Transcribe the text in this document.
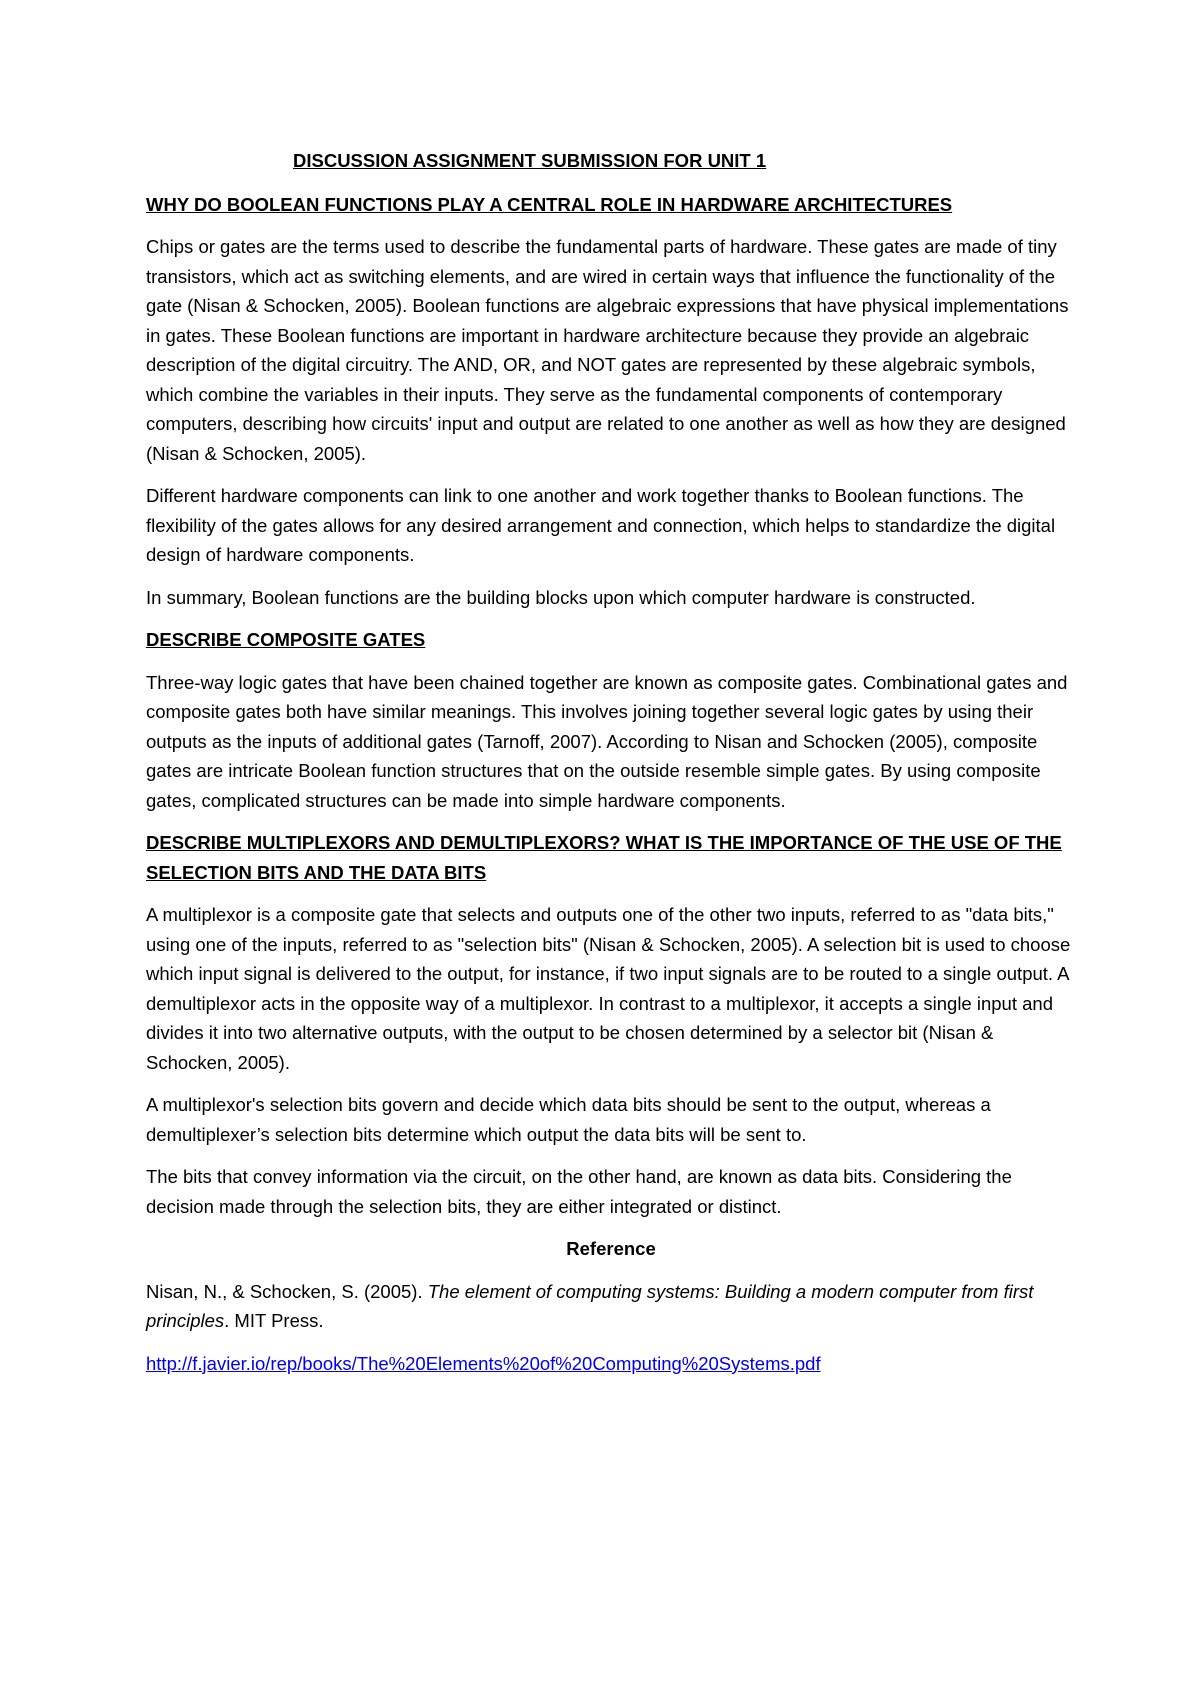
DISCUSSION ASSIGNMENT SUBMISSION FOR UNIT 1
WHY DO BOOLEAN FUNCTIONS PLAY A CENTRAL ROLE IN HARDWARE ARCHITECTURES

Chips or gates are the terms used to describe the fundamental parts of hardware. These gates are made of tiny transistors, which act as switching elements, and are wired in certain ways that influence the functionality of the gate (Nisan & Schocken, 2005). Boolean functions are algebraic expressions that have physical implementations in gates. These Boolean functions are important in hardware architecture because they provide an algebraic description of the digital circuitry. The AND, OR, and NOT gates are represented by these algebraic symbols, which combine the variables in their inputs. They serve as the fundamental components of contemporary computers, describing how circuits' input and output are related to one another as well as how they are designed (Nisan & Schocken, 2005).

Different hardware components can link to one another and work together thanks to Boolean functions. The flexibility of the gates allows for any desired arrangement and connection, which helps to standardize the digital design of hardware components.

In summary, Boolean functions are the building blocks upon which computer hardware is constructed.

DESCRIBE COMPOSITE GATES

Three-way logic gates that have been chained together are known as composite gates. Combinational gates and composite gates both have similar meanings. This involves joining together several logic gates by using their outputs as the inputs of additional gates (Tarnoff, 2007). According to Nisan and Schocken (2005), composite gates are intricate Boolean function structures that on the outside resemble simple gates. By using composite gates, complicated structures can be made into simple hardware components.

DESCRIBE MULTIPLEXORS AND DEMULTIPLEXORS? WHAT IS THE IMPORTANCE OF THE USE OF THE SELECTION BITS AND THE DATA BITS

A multiplexor is a composite gate that selects and outputs one of the other two inputs, referred to as "data bits," using one of the inputs, referred to as "selection bits" (Nisan & Schocken, 2005). A selection bit is used to choose which input signal is delivered to the output, for instance, if two input signals are to be routed to a single output. A demultiplexor acts in the opposite way of a multiplexor. In contrast to a multiplexor, it accepts a single input and divides it into two alternative outputs, with the output to be chosen determined by a selector bit (Nisan & Schocken, 2005).

A multiplexor's selection bits govern and decide which data bits should be sent to the output, whereas a demultiplexer’s selection bits determine which output the data bits will be sent to.

The bits that convey information via the circuit, on the other hand, are known as data bits. Considering the decision made through the selection bits, they are either integrated or distinct.

Reference

Nisan, N., & Schocken, S. (2005). The element of computing systems: Building a modern computer from first principles. MIT Press.

http://f.javier.io/rep/books/The%20Elements%20of%20Computing%20Systems.pdf
